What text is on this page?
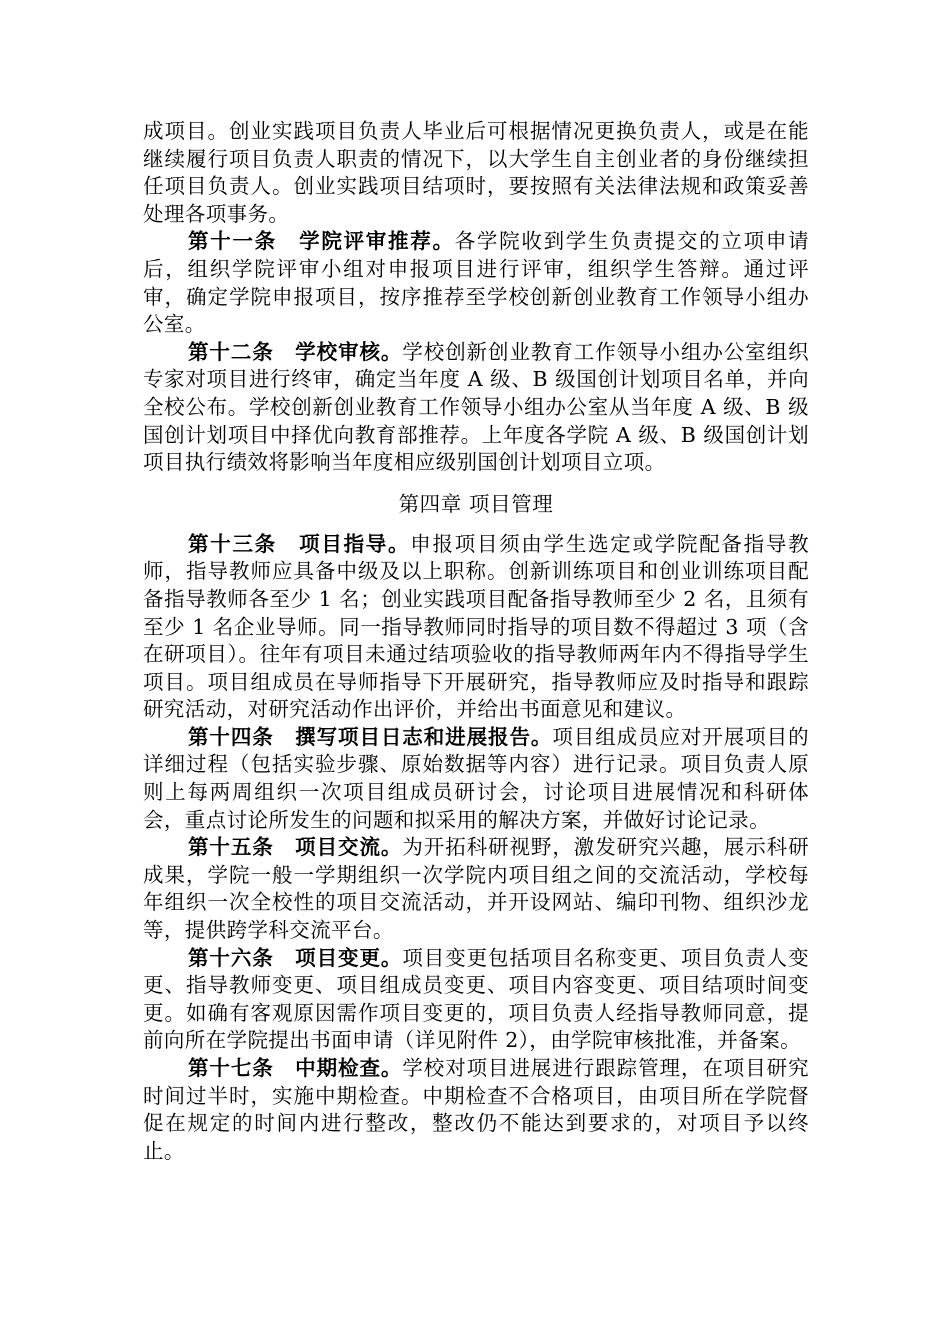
成项目。创业实践项目负责人毕业后可根据情况更换负责人，或是在能继续履行项目负责人职责的情况下，以大学生自主创业者的身份继续担任项目负责人。创业实践项目结项时，要按照有关法律法规和政策妥善处理各项事务。

第十一条　学院评审推荐。各学院收到学生负责提交的立项申请后，组织学院评审小组对申报项目进行评审，组织学生答辩。通过评审，确定学院申报项目，按序推荐至学校创新创业教育工作领导小组办公室。

第十二条　学校审核。学校创新创业教育工作领导小组办公室组织专家对项目进行终审，确定当年度 A 级、B 级国创计划项目名单，并向全校公布。学校创新创业教育工作领导小组办公室从当年度 A 级、B 级国创计划项目中择优向教育部推荐。上年度各学院 A 级、B 级国创计划项目执行绩效将影响当年度相应级别国创计划项目立项。

第四章 项目管理

第十三条　项目指导。申报项目须由学生选定或学院配备指导教师，指导教师应具备中级及以上职称。创新训练项目和创业训练项目配备指导教师各至少 1 名；创业实践项目配备指导教师至少 2 名，且须有至少 1 名企业导师。同一指导教师同时指导的项目数不得超过 3 项（含在研项目）。往年有项目未通过结项验收的指导教师两年内不得指导学生项目。项目组成员在导师指导下开展研究，指导教师应及时指导和跟踪研究活动，对研究活动作出评价，并给出书面意见和建议。

第十四条　撰写项目日志和进展报告。项目组成员应对开展项目的详细过程（包括实验步骤、原始数据等内容）进行记录。项目负责人原则上每两周组织一次项目组成员研讨会，讨论项目进展情况和科研体会，重点讨论所发生的问题和拟采用的解决方案，并做好讨论记录。

第十五条　项目交流。为开拓科研视野，激发研究兴趣，展示科研成果，学院一般一学期组织一次学院内项目组之间的交流活动，学校每年组织一次全校性的项目交流活动，并开设网站、编印刊物、组织沙龙等，提供跨学科交流平台。

第十六条　项目变更。项目变更包括项目名称变更、项目负责人变更、指导教师变更、项目组成员变更、项目内容变更、项目结项时间变更。如确有客观原因需作项目变更的，项目负责人经指导教师同意，提前向所在学院提出书面申请（详见附件 2），由学院审核批准，并备案。

第十七条　中期检查。学校对项目进展进行跟踪管理，在项目研究时间过半时，实施中期检查。中期检查不合格项目，由项目所在学院督促在规定的时间内进行整改，整改仍不能达到要求的，对项目予以终止。
